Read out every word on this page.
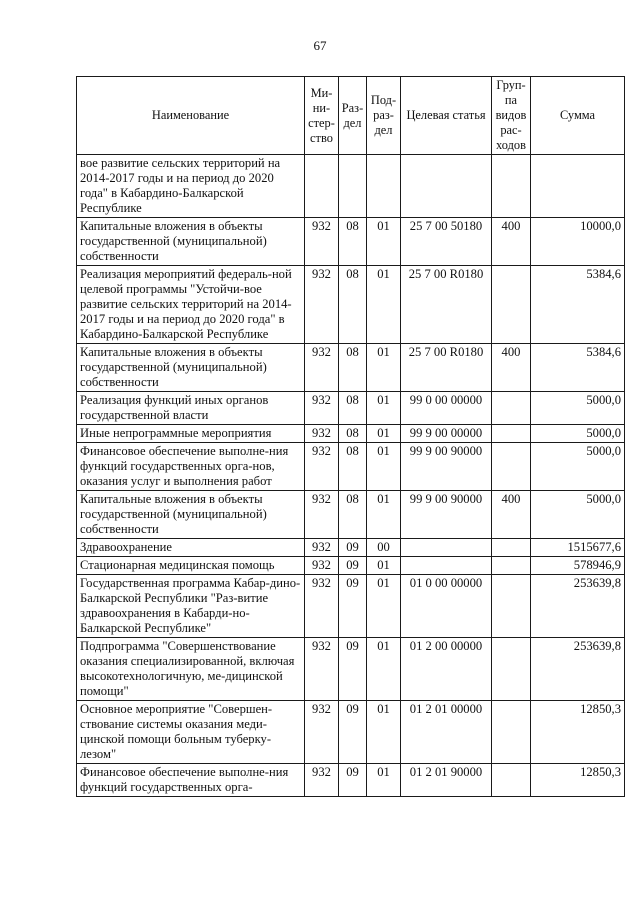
67
Наименование	Ми-ни-стер-ство	Раз-дел	Под-раз-дел	Целевая статья	Груп-па видов рас-ходов	Сумма
вое развитие сельских территорий на 2014-2017 годы и на период до 2020 года" в Кабардино-Балкарской Республике						
Капитальные вложения в объекты государственной (муниципальной) собственности	932	08	01	25 7 00 50180	400	10000,0
Реализация мероприятий федераль-ной целевой программы "Устойчи-вое развитие сельских территорий на 2014-2017 годы и на период до 2020 года" в Кабардино-Балкарской Республике	932	08	01	25 7 00 R0180		5384,6
Капитальные вложения в объекты государственной (муниципальной) собственности	932	08	01	25 7 00 R0180	400	5384,6
Реализация функций иных органов государственной власти	932	08	01	99 0 00 00000		5000,0
Иные непрограммные мероприятия	932	08	01	99 9 00 00000		5000,0
Финансовое обеспечение выполне-ния функций государственных орга-нов, оказания услуг и выполнения работ	932	08	01	99 9 00 90000		5000,0
Капитальные вложения в объекты государственной (муниципальной) собственности	932	08	01	99 9 00 90000	400	5000,0
Здравоохранение	932	09	00			1515677,6
Стационарная медицинская помощь	932	09	01			578946,9
Государственная программа Кабар-дино-Балкарской Республики "Раз-витие здравоохранения в Кабарди-но-Балкарской Республике"	932	09	01	01 0 00 00000		253639,8
Подпрограмма "Совершенствование оказания специализированной, включая высокотехнологичную, ме-дицинской помощи"	932	09	01	01 2 00 00000		253639,8
Основное мероприятие "Совершен-ствование системы оказания меди-цинской помощи больным туберку-лезом"	932	09	01	01 2 01 00000		12850,3
Финансовое обеспечение выполне-ния функций государственных орга-	932	09	01	01 2 01 90000		12850,3
